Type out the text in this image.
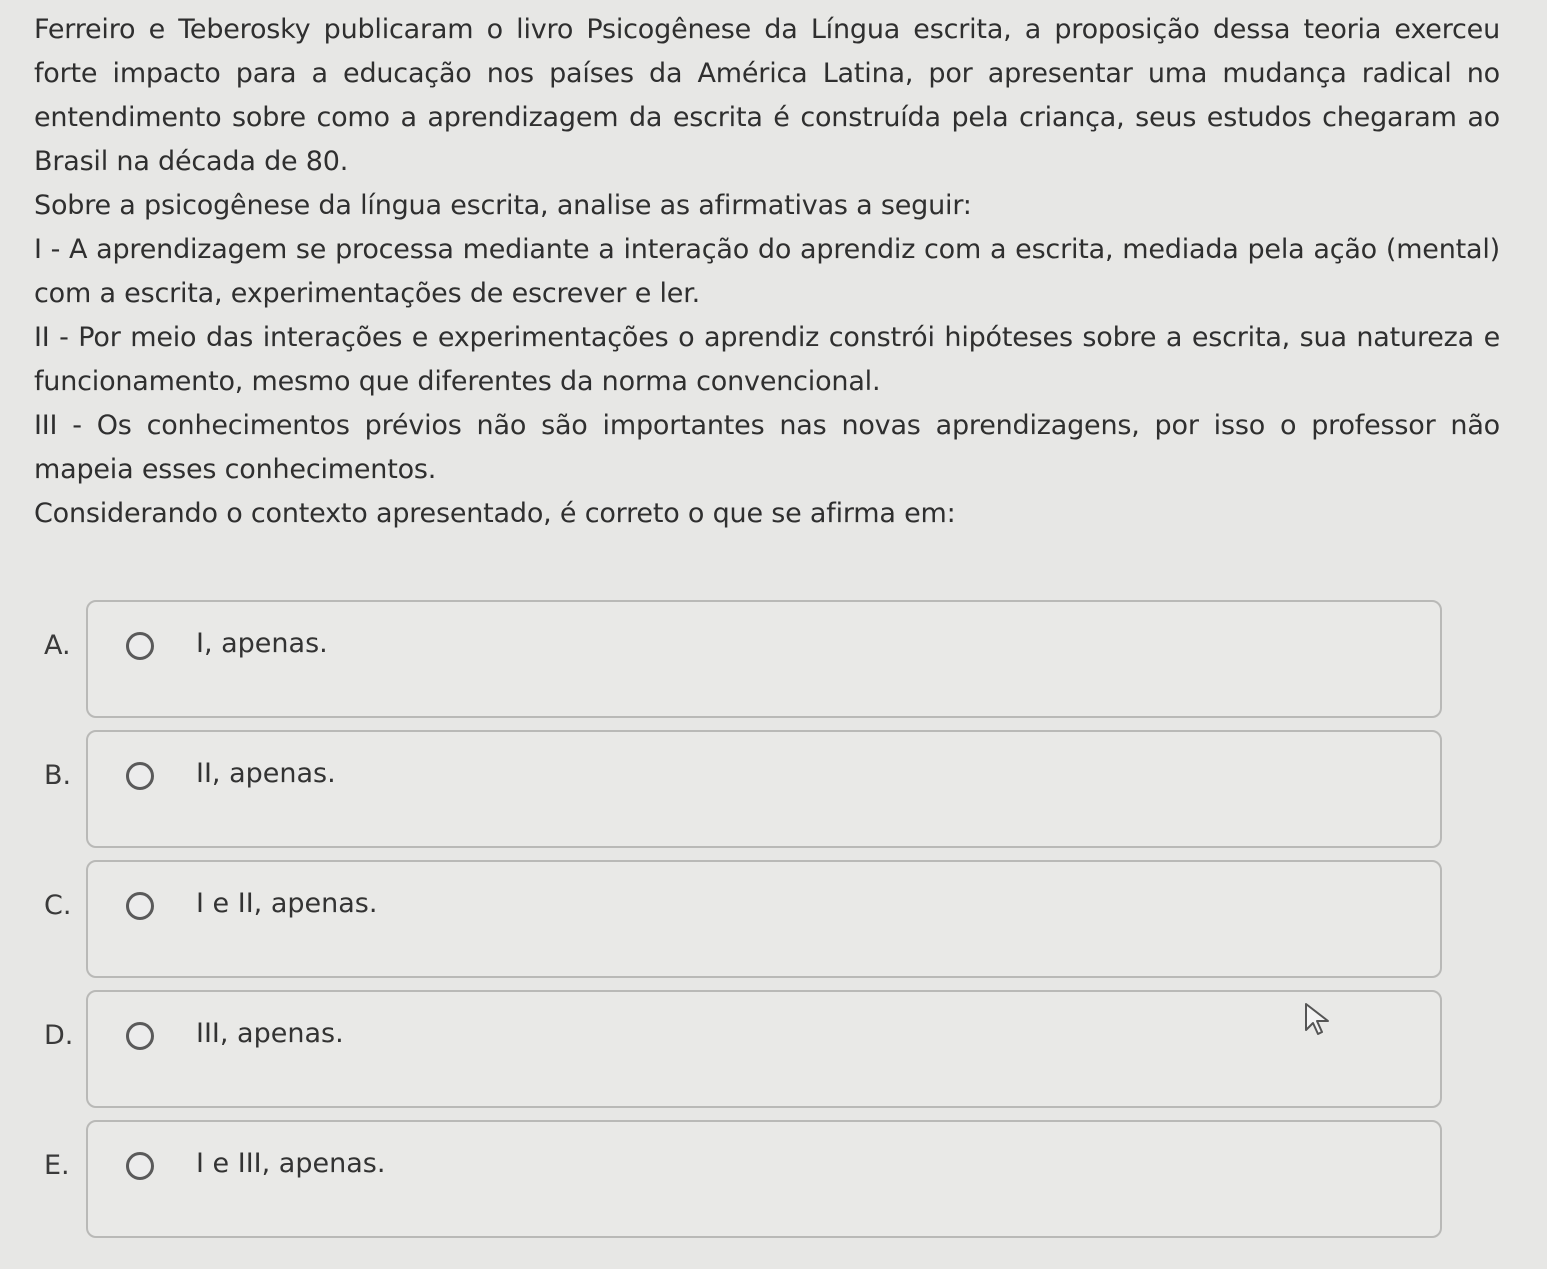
Ferreiro e Teberosky publicaram o livro Psicogênese da Língua escrita, a proposição dessa teoria exerceu forte impacto para a educação nos países da América Latina, por apresentar uma mudança radical no entendimento sobre como a aprendizagem da escrita é construída pela criança, seus estudos chegaram ao Brasil na década de 80.

Sobre a psicogênese da língua escrita, analise as afirmativas a seguir:

I - A aprendizagem se processa mediante a interação do aprendiz com a escrita, mediada pela ação (mental) com a escrita, experimentações de escrever e ler.

II - Por meio das interações e experimentações o aprendiz constrói hipóteses sobre a escrita, sua natureza e funcionamento, mesmo que diferentes da norma convencional.

III - Os conhecimentos prévios não são importantes nas novas aprendizagens, por isso o professor não mapeia esses conhecimentos.

Considerando o contexto apresentado, é correto o que se afirma em:

A.	I, apenas.
B.	II, apenas.
C.	I e II, apenas.
D.	III, apenas.
E.	I e III, apenas.
